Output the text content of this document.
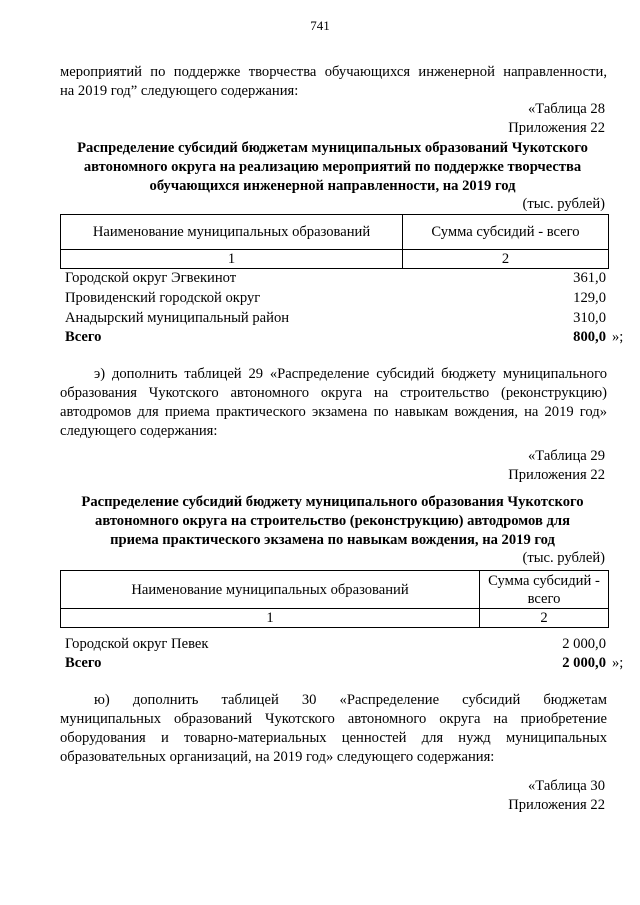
741
мероприятий по поддержке творчества обучающихся инженерной направленности,
на 2019 год” следующего содержания:
«Таблица 28
Приложения 22
Распределение субсидий бюджетам муниципальных образований Чукотского
автономного округа на реализацию мероприятий по поддержке творчества
обучающихся инженерной направленности, на 2019 год
(тыс. рублей)
Наименование муниципальных образований	Сумма субсидий - всего
1	2
Городской округ Эгвекинот	361,0
Провиденский городской округ	129,0
Анадырский муниципальный район	310,0
Всего	800,0 »;
э) дополнить таблицей 29 «Распределение субсидий бюджету муниципального
образования Чукотского автономного округа на строительство (реконструкцию)
автодромов для приема практического экзамена по навыкам вождения, на 2019 год»
следующего содержания:
«Таблица 29
Приложения 22
Распределение субсидий бюджету муниципального образования Чукотского
автономного округа на строительство (реконструкцию) автодромов для
приема практического экзамена по навыкам вождения, на 2019 год
(тыс. рублей)
Наименование муниципальных образований	Сумма субсидий -
всего

1	2
Городской округ Певек	2 000,0
Всего	2 000,0 »;
ю)     дополнить     таблицей     30     «Распределение     субсидий     бюджетам
муниципальных образований Чукотского автономного округа на приобретение
оборудования и товарно-материальных ценностей для нужд муниципальных
образовательных организаций, на 2019 год» следующего содержания:
«Таблица 30
Приложения 22
